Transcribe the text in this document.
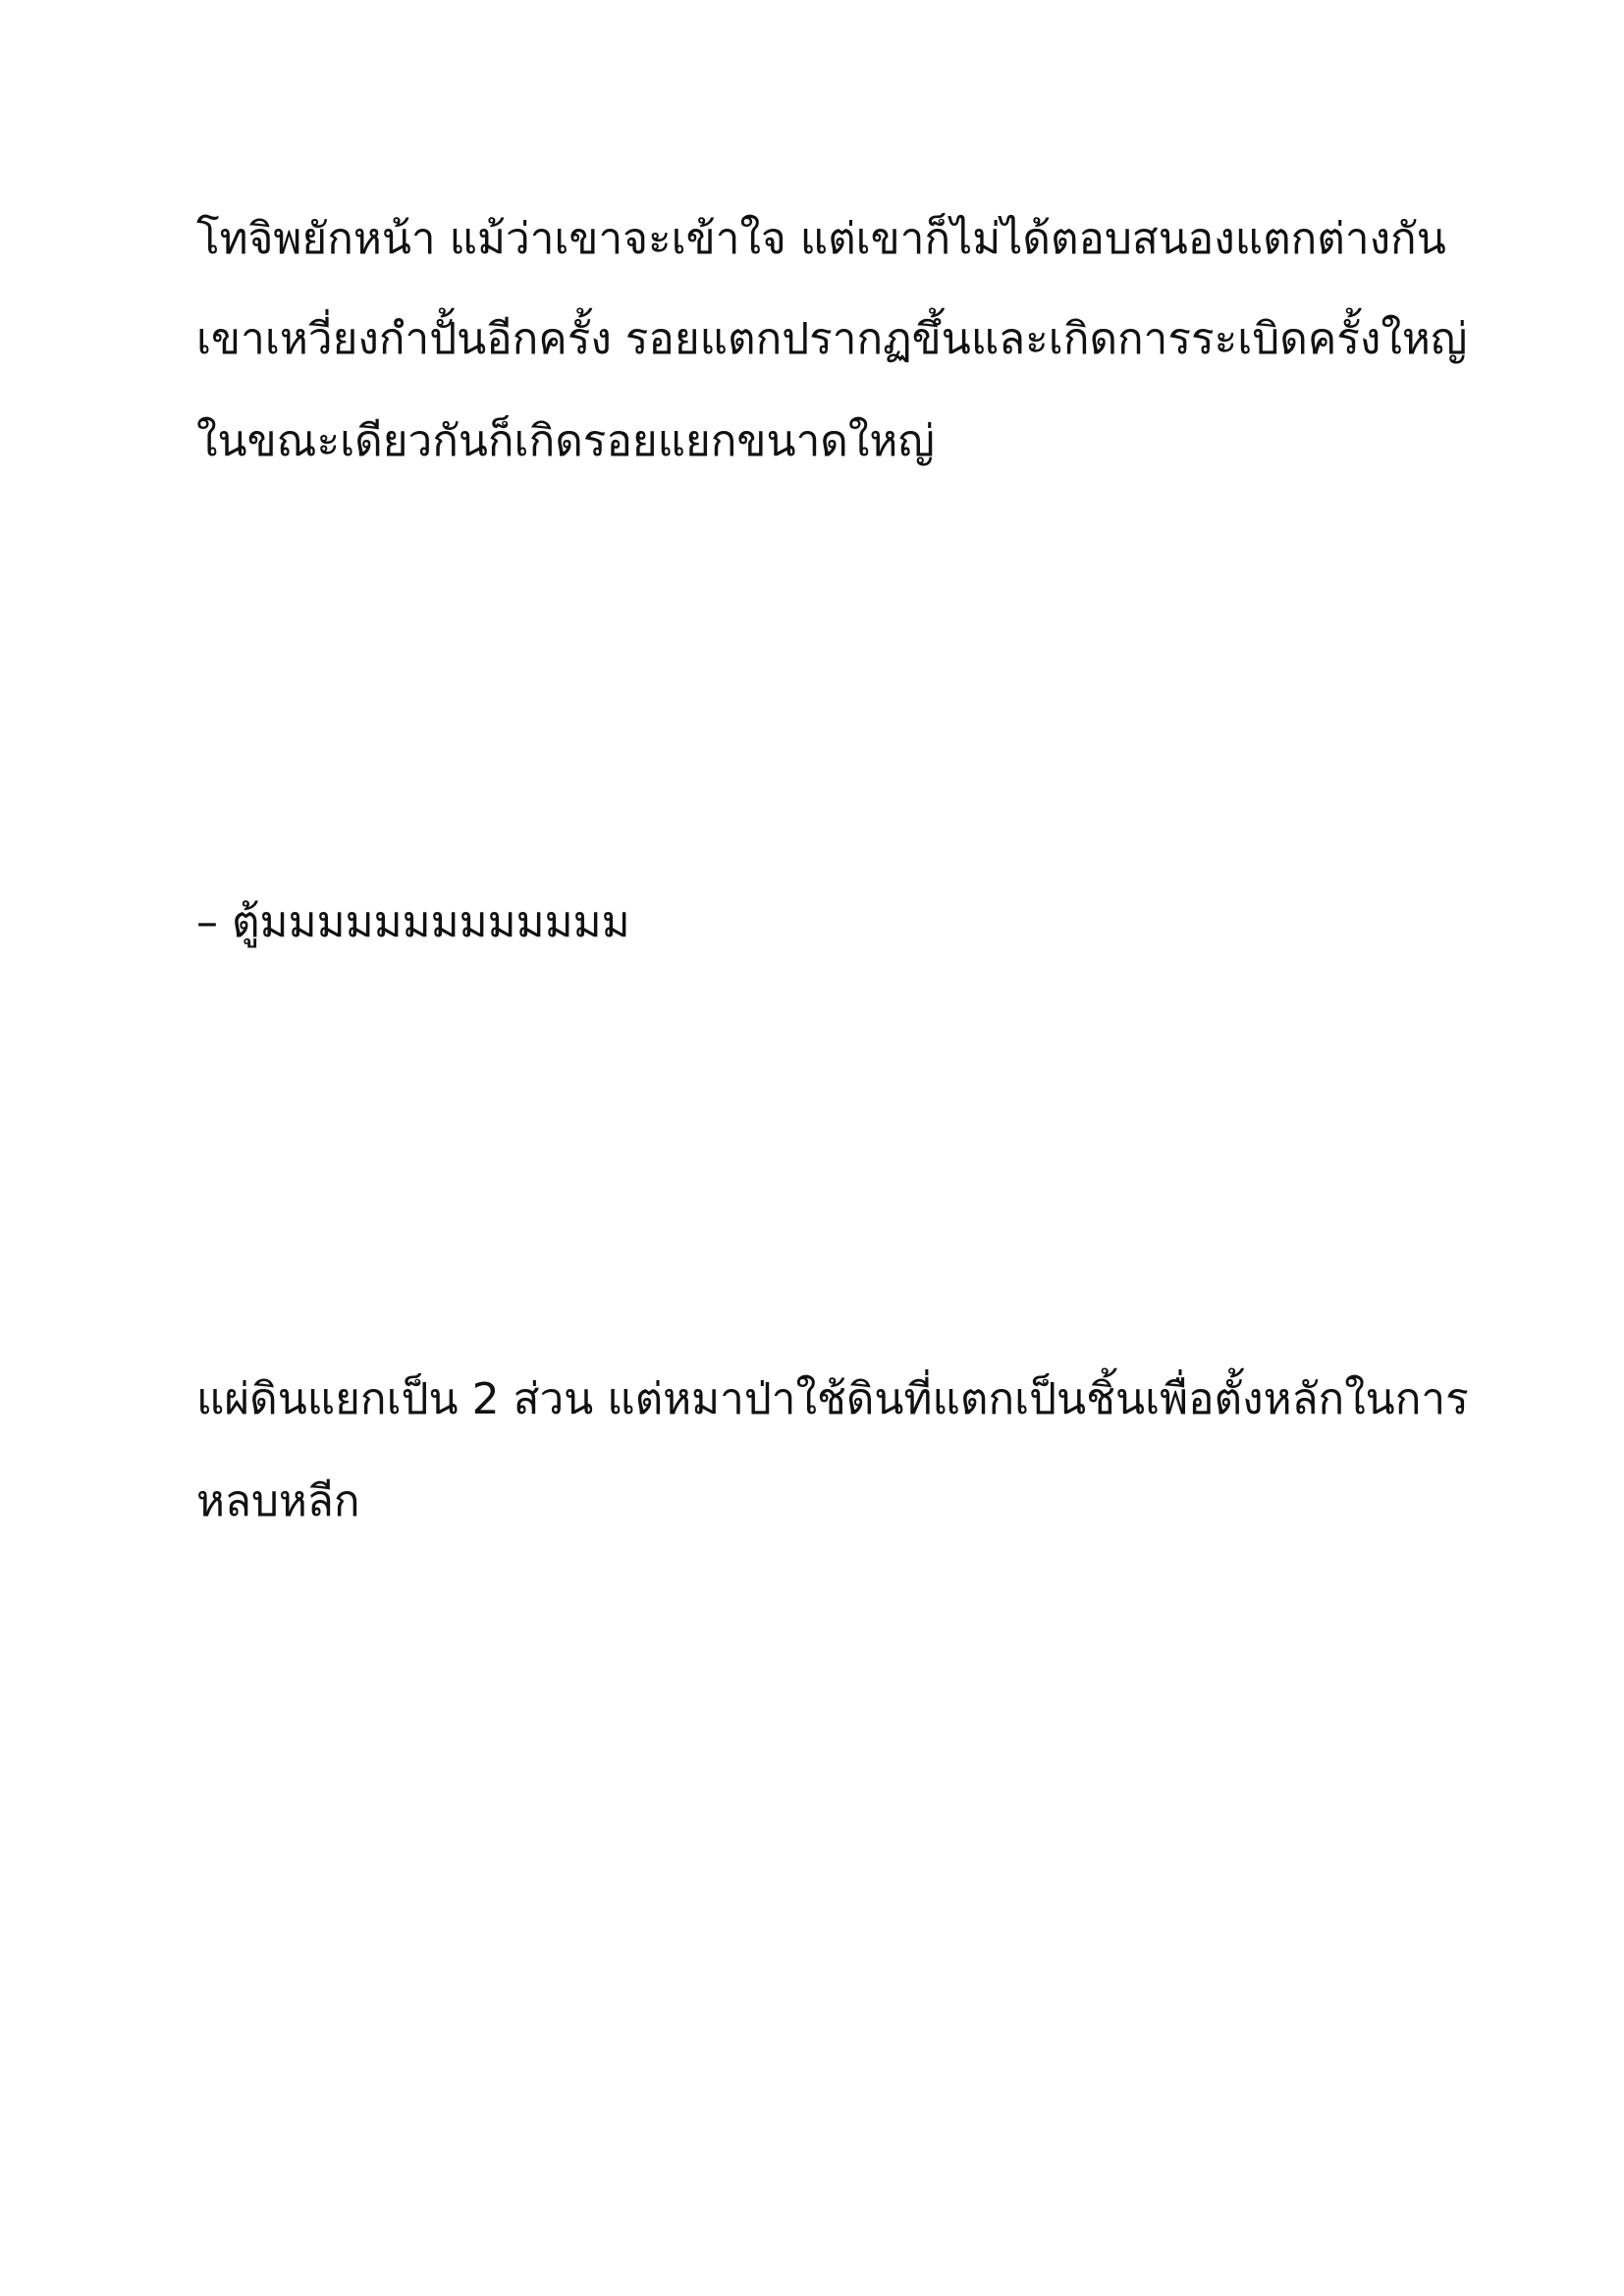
โทจิพยักหน้า แม้ว่าเขาจะเข้าใจ แต่เขาก็ไม่ได้ตอบสนองแตกต่างกัน
เขาเหวี่ยงกำปั้นอีกครั้ง รอยแตกปรากฏขึ้นและเกิดการระเบิดครั้งใหญ่
ในขณะเดียวกันก็เกิดรอยแยกขนาดใหญ่
– ตู้มมมมมมมมมมมมม
แผ่ดินแยกเป็น 2 ส่วน แต่หมาป่าใช้ดินที่แตกเป็นชิ้นเพื่อตั้งหลักในการ
หลบหลีก
